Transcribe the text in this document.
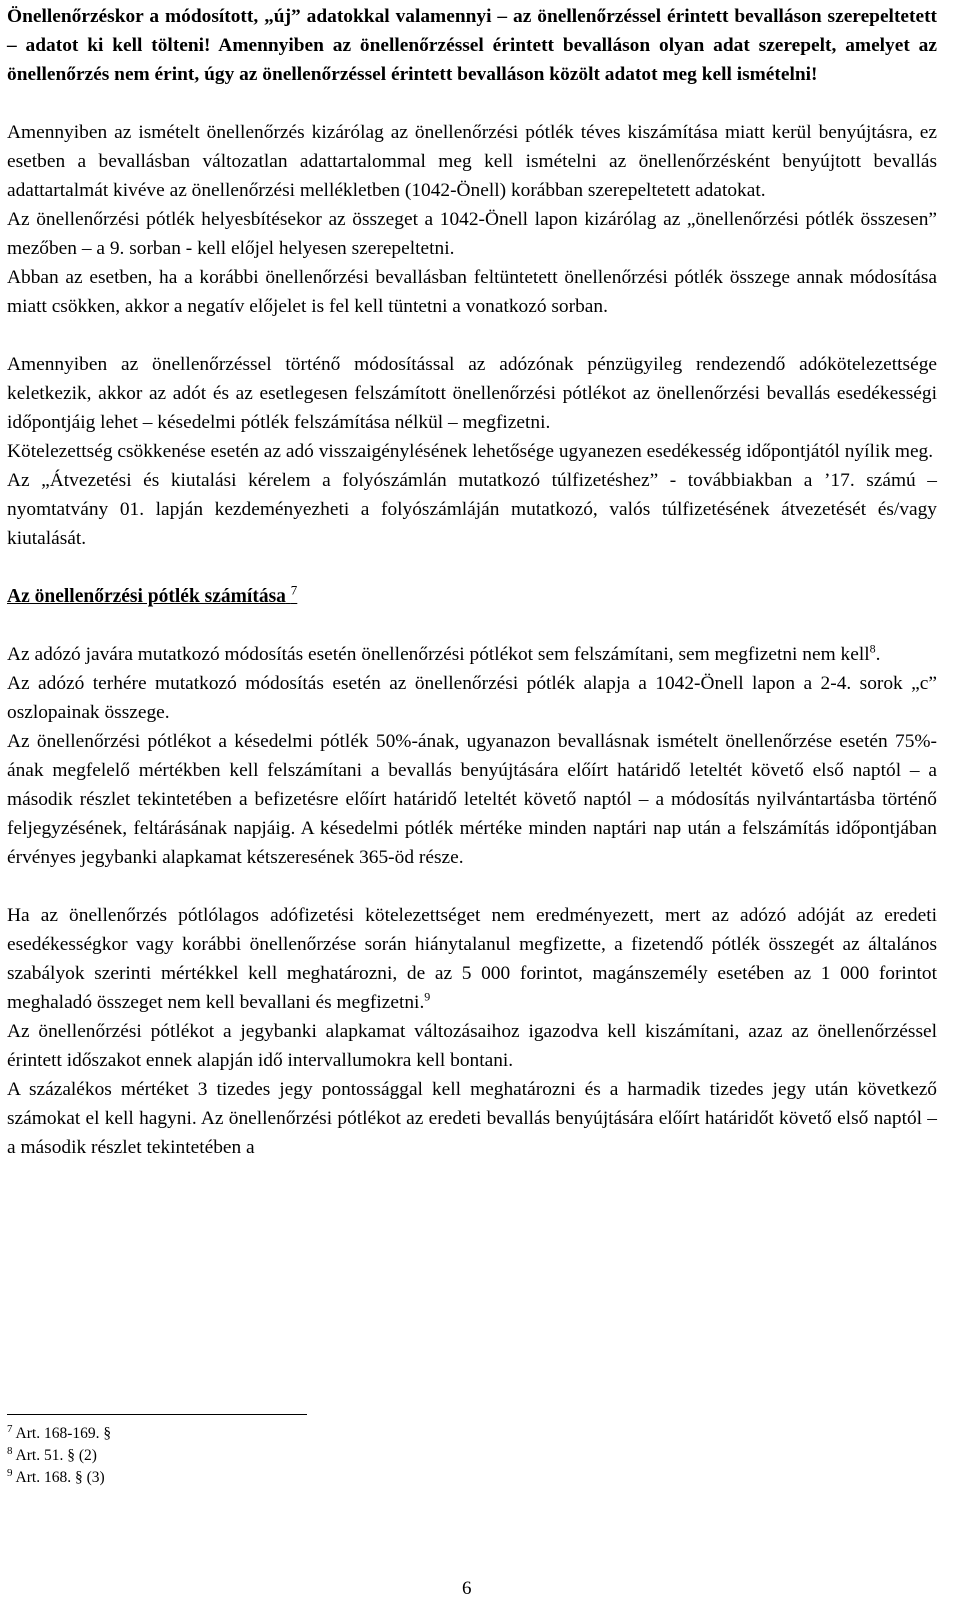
Önellenőrzéskor a módosított, „új” adatokkal valamennyi – az önellenőrzéssel érintett bevalláson szerepeltetett – adatot ki kell tölteni! Amennyiben az önellenőrzéssel érintett bevalláson olyan adat szerepelt, amelyet az önellenőrzés nem érint, úgy az önellenőrzéssel érintett bevalláson közölt adatot meg kell ismételni!

Amennyiben az ismételt önellenőrzés kizárólag az önellenőrzési pótlék téves kiszámítása miatt kerül benyújtásra, ez esetben a bevallásban változatlan adattartalommal meg kell ismételni az önellenőrzésként benyújtott bevallás adattartalmát kivéve az önellenőrzési mellékletben (1042-Önell) korábban szerepeltetett adatokat.

Az önellenőrzési pótlék helyesbítésekor az összeget a 1042-Önell lapon kizárólag az „önellenőrzési pótlék összesen” mezőben – a 9. sorban - kell előjel helyesen szerepeltetni.

Abban az esetben, ha a korábbi önellenőrzési bevallásban feltüntetett önellenőrzési pótlék összege annak módosítása miatt csökken, akkor a negatív előjelet is fel kell tüntetni a vonatkozó sorban.

Amennyiben az önellenőrzéssel történő módosítással az adózónak pénzügyileg rendezendő adókötelezettsége keletkezik, akkor az adót és az esetlegesen felszámított önellenőrzési pótlékot az önellenőrzési bevallás esedékességi időpontjáig lehet – késedelmi pótlék felszámítása nélkül – megfizetni.

Kötelezettség csökkenése esetén az adó visszaigénylésének lehetősége ugyanezen esedékesség időpontjától nyílik meg.

Az „Átvezetési és kiutalási kérelem a folyószámlán mutatkozó túlfizetéshez” - továbbiakban a ’17. számú – nyomtatvány 01. lapján kezdeményezheti a folyószámláján mutatkozó, valós túlfizetésének átvezetését és/vagy kiutalását.

Az önellenőrzési pótlék számítása $^7$

Az adózó javára mutatkozó módosítás esetén önellenőrzési pótlékot sem felszámítani, sem megfizetni nem kell$^8$.

Az adózó terhére mutatkozó módosítás esetén az önellenőrzési pótlék alapja a 1042-Önell lapon a 2-4. sorok „c” oszlopainak összege.

Az önellenőrzési pótlékot a késedelmi pótlék 50%-ának, ugyanazon bevallásnak ismételt önellenőrzése esetén 75%-ának megfelelő mértékben kell felszámítani a bevallás benyújtására előírt határidő leteltét követő első naptól – a második részlet tekintetében a befizetésre előírt határidő leteltét követő naptól – a módosítás nyilvántartásba történő feljegyzésének, feltárásának napjáig. A késedelmi pótlék mértéke minden naptári nap után a felszámítás időpontjában érvényes jegybanki alapkamat kétszeresének 365-öd része.

Ha az önellenőrzés pótlólagos adófizetési kötelezettséget nem eredményezett, mert az adózó adóját az eredeti esedékességkor vagy korábbi önellenőrzése során hiánytalanul megfizette, a fizetendő pótlék összegét az általános szabályok szerinti mértékkel kell meghatározni, de az 5 000 forintot, magánszemély esetében az 1 000 forintot meghaladó összeget nem kell bevallani és megfizetni.$^9$

Az önellenőrzési pótlékot a jegybanki alapkamat változásaihoz igazodva kell kiszámítani, azaz az önellenőrzéssel érintett időszakot ennek alapján idő intervallumokra kell bontani.

A százalékos mértéket 3 tizedes jegy pontossággal kell meghatározni és a harmadik tizedes jegy után következő számokat el kell hagyni. Az önellenőrzési pótlékot az eredeti bevallás benyújtására előírt határidőt követő első naptól – a második részlet tekintetében a

$^7$ Art. 168-169. §
$^8$ Art. 51. § (2)
$^9$ Art. 168. § (3)
6
